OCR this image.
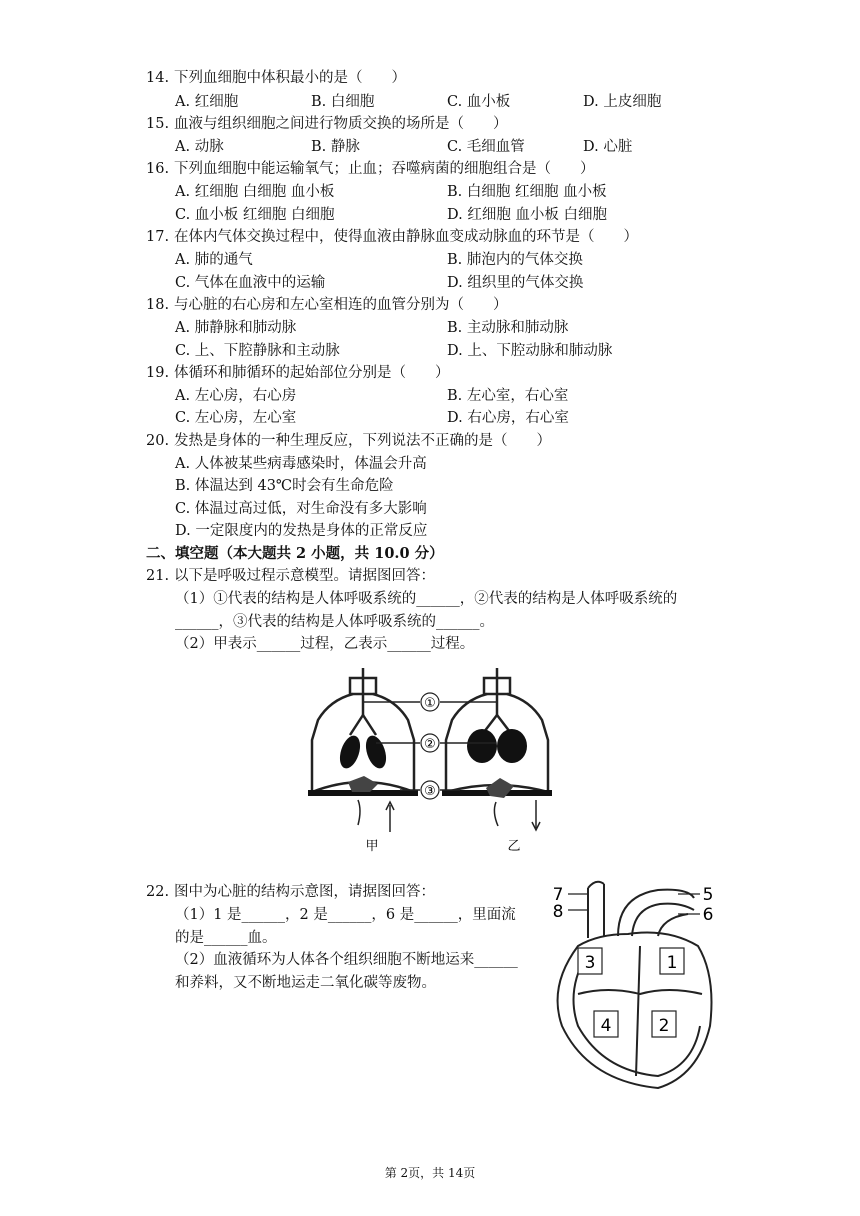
14. 下列血细胞中体积最小的是（　　）
A. 红细胞	B. 白细胞	C. 血小板	D. 上皮细胞
15. 血液与组织细胞之间进行物质交换的场所是（　　）
A. 动脉	B. 静脉	C. 毛细血管	D. 心脏
16. 下列血细胞中能运输氧气；止血；吞噬病菌的细胞组合是（　　）
A. 红细胞 白细胞 血小板	B. 白细胞 红细胞 血小板
C. 血小板 红细胞 白细胞	D. 红细胞 血小板 白细胞
17. 在体内气体交换过程中，使得血液由静脉血变成动脉血的环节是（　　）
A. 肺的通气	B. 肺泡内的气体交换
C. 气体在血液中的运输	D. 组织里的气体交换
18. 与心脏的右心房和左心室相连的血管分别为（　　）
A. 肺静脉和肺动脉	B. 主动脉和肺动脉
C. 上、下腔静脉和主动脉	D. 上、下腔动脉和肺动脉
19. 体循环和肺循环的起始部位分别是（　　）
A. 左心房，右心房	B. 左心室，右心室
C. 左心房，左心室	D. 右心房，右心室
20. 发热是身体的一种生理反应，下列说法不正确的是（　　）
A. 人体被某些病毒感染时，体温会升高
B. 体温达到 43℃时会有生命危险
C. 体温过高过低，对生命没有多大影响
D. 一定限度内的发热是身体的正常反应
二、填空题（本大题共 2 小题，共 10.0 分）
21. 以下是呼吸过程示意模型。请据图回答：
（1）①代表的结构是人体呼吸系统的______，②代表的结构是人体呼吸系统的
______，③代表的结构是人体呼吸系统的______。
（2）甲表示______过程，乙表示______过程。
①
②
③
甲	乙
22. 图中为心脏的结构示意图，请据图回答：
（1）1 是______，2 是______，6 是______，里面流
的是______血。
（2）血液循环为人体各个组织细胞不断地运来______
和养料，又不断地运走二氧化碳等废物。
3	1
4	2
7
8
5
6
第 2页，共 14页
